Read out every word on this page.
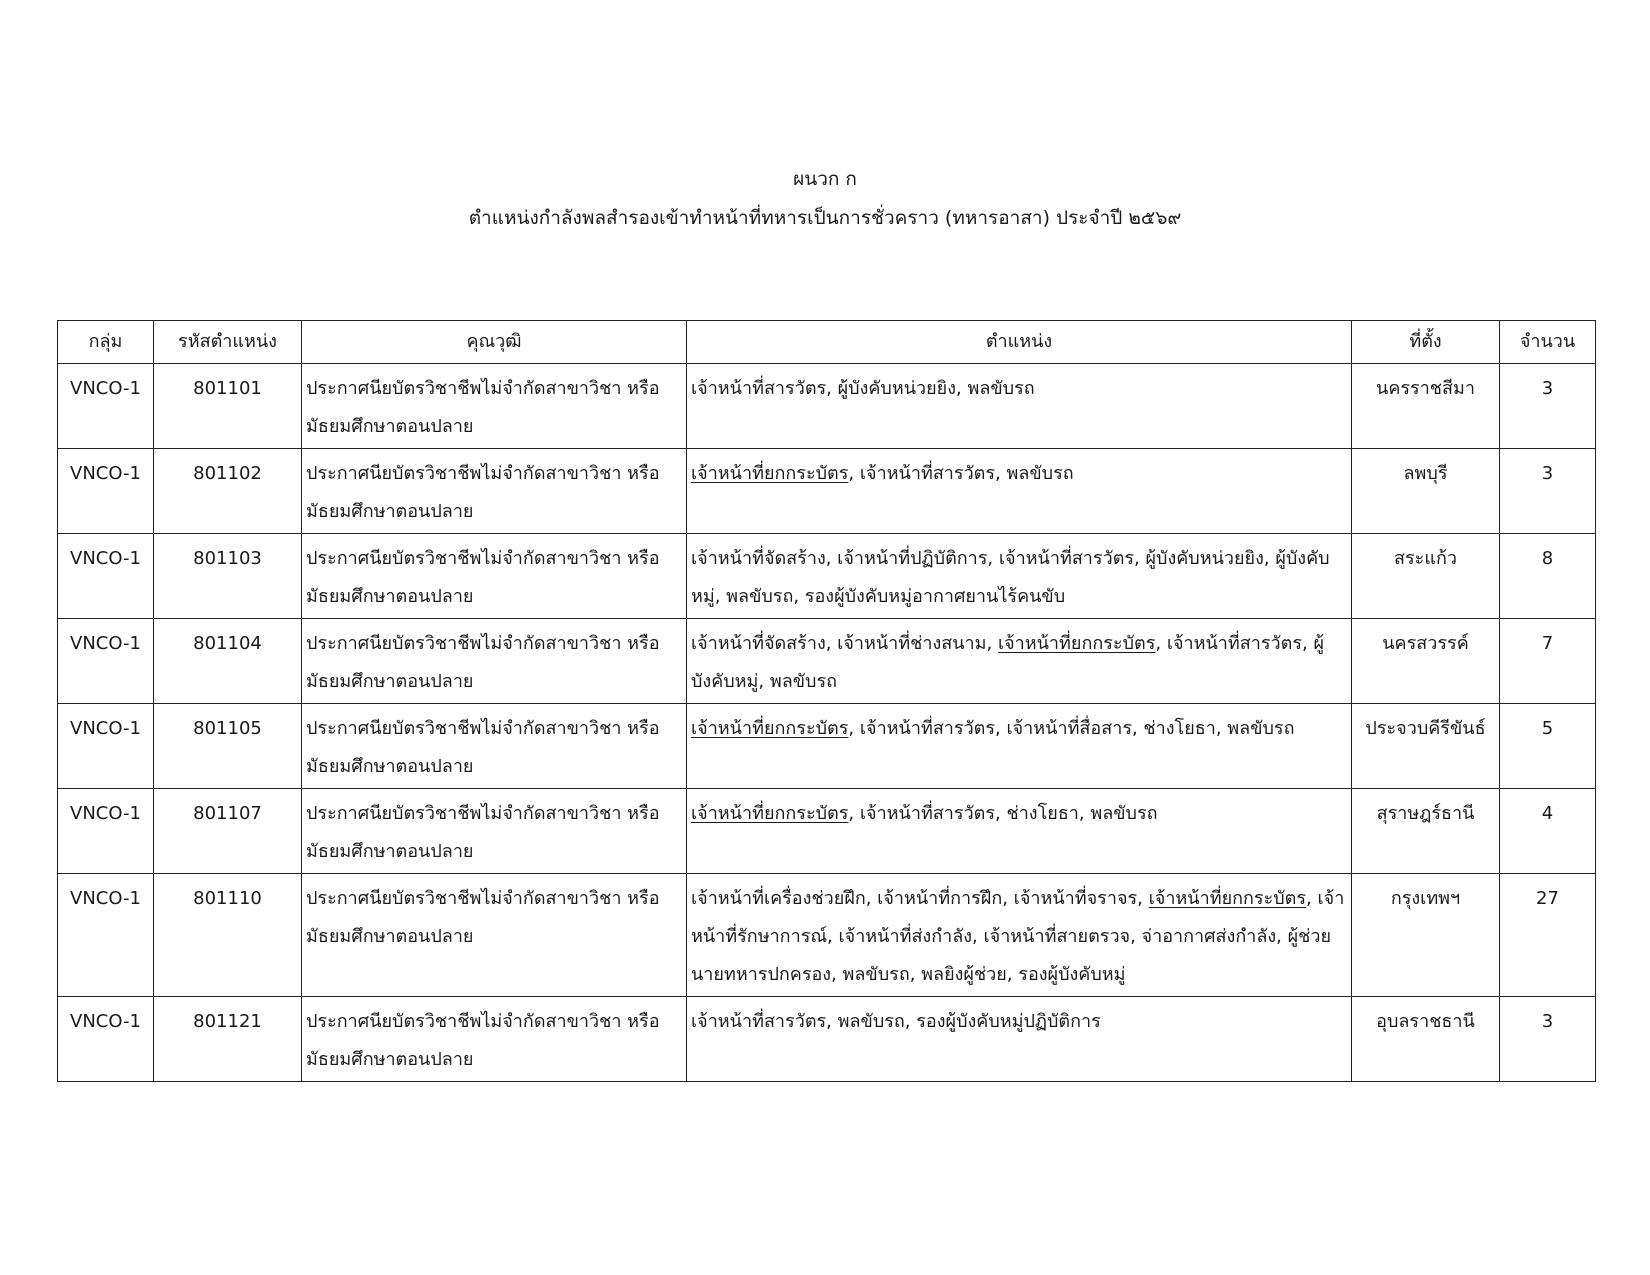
ผนวก ก
ตำแหน่งกำลังพลสำรองเข้าทำหน้าที่ทหารเป็นการชั่วคราว (ทหารอาสา) ประจำปี ๒๕๖๙
กลุ่ม	รหัสตำแหน่ง	คุณวุฒิ	ตำแหน่ง	ที่ตั้ง	จำนวน
VNCO-1	801101	ประกาศนียบัตรวิชาชีพไม่จำกัดสาขาวิชา หรือมัธยมศึกษาตอนปลาย	เจ้าหน้าที่สารวัตร, ผู้บังคับหน่วยยิง, พลขับรถ	นครราชสีมา	3
VNCO-1	801102	ประกาศนียบัตรวิชาชีพไม่จำกัดสาขาวิชา หรือมัธยมศึกษาตอนปลาย	เจ้าหน้าที่ยกกระบัตร, เจ้าหน้าที่สารวัตร, พลขับรถ	ลพบุรี	3
VNCO-1	801103	ประกาศนียบัตรวิชาชีพไม่จำกัดสาขาวิชา หรือมัธยมศึกษาตอนปลาย	เจ้าหน้าที่จัดสร้าง, เจ้าหน้าที่ปฏิบัติการ, เจ้าหน้าที่สารวัตร, ผู้บังคับหน่วยยิง, ผู้บังคับหมู่, พลขับรถ, รองผู้บังคับหมู่อากาศยานไร้คนขับ	สระแก้ว	8
VNCO-1	801104	ประกาศนียบัตรวิชาชีพไม่จำกัดสาขาวิชา หรือมัธยมศึกษาตอนปลาย	เจ้าหน้าที่จัดสร้าง, เจ้าหน้าที่ช่างสนาม, เจ้าหน้าที่ยกกระบัตร, เจ้าหน้าที่สารวัตร, ผู้บังคับหมู่, พลขับรถ	นครสวรรค์	7
VNCO-1	801105	ประกาศนียบัตรวิชาชีพไม่จำกัดสาขาวิชา หรือมัธยมศึกษาตอนปลาย	เจ้าหน้าที่ยกกระบัตร, เจ้าหน้าที่สารวัตร, เจ้าหน้าที่สื่อสาร, ช่างโยธา, พลขับรถ	ประจวบคีรีขันธ์	5
VNCO-1	801107	ประกาศนียบัตรวิชาชีพไม่จำกัดสาขาวิชา หรือมัธยมศึกษาตอนปลาย	เจ้าหน้าที่ยกกระบัตร, เจ้าหน้าที่สารวัตร, ช่างโยธา, พลขับรถ	สุราษฎร์ธานี	4
VNCO-1	801110	ประกาศนียบัตรวิชาชีพไม่จำกัดสาขาวิชา หรือมัธยมศึกษาตอนปลาย	เจ้าหน้าที่เครื่องช่วยฝึก, เจ้าหน้าที่การฝึก, เจ้าหน้าที่จราจร, เจ้าหน้าที่ยกกระบัตร, เจ้าหน้าที่รักษาการณ์, เจ้าหน้าที่ส่งกำลัง, เจ้าหน้าที่สายตรวจ, จ่าอากาศส่งกำลัง, ผู้ช่วยนายทหารปกครอง, พลขับรถ, พลยิงผู้ช่วย, รองผู้บังคับหมู่	กรุงเทพฯ	27
VNCO-1	801121	ประกาศนียบัตรวิชาชีพไม่จำกัดสาขาวิชา หรือมัธยมศึกษาตอนปลาย	เจ้าหน้าที่สารวัตร, พลขับรถ, รองผู้บังคับหมู่ปฏิบัติการ	อุบลราชธานี	3
